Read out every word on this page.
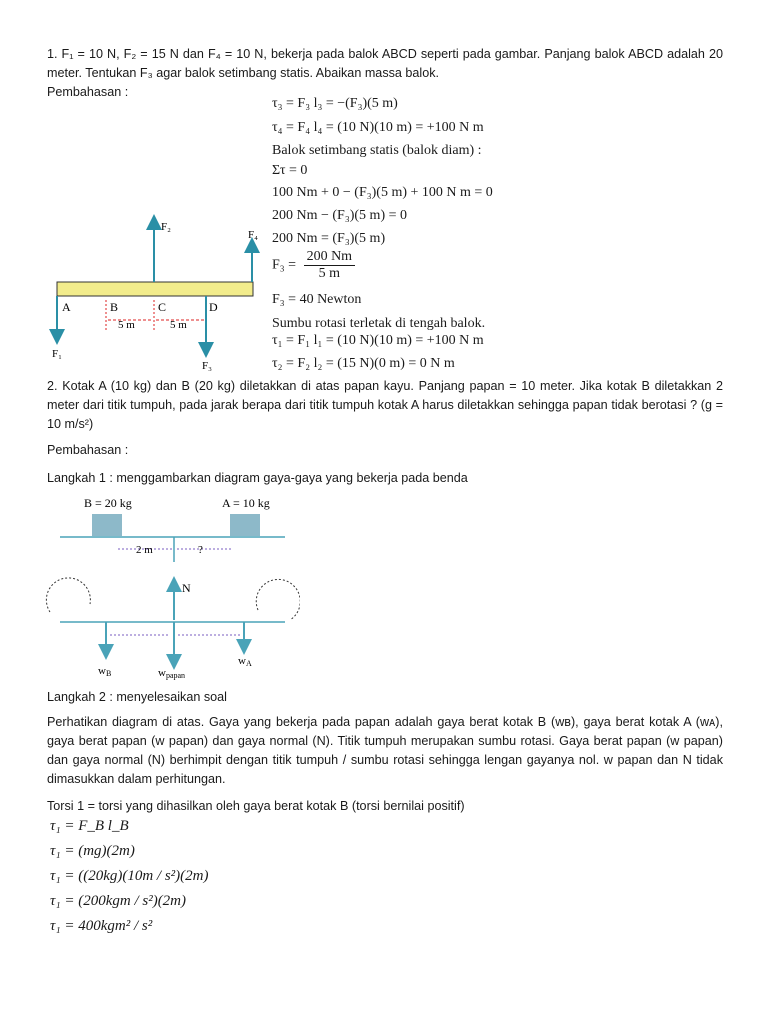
1. F₁ = 10 N, F₂ = 15 N dan F₄ = 10 N, bekerja pada balok ABCD seperti pada gambar. Panjang balok ABCD adalah 20 meter. Tentukan F₃ agar balok setimbang statis. Abaikan massa balok.

Pembahasan :

τ₃ = F₃ l₃ = −(F₃)(5 m)

τ₄ = F₄ l₄ = (10 N)(10 m) = +100 N m

Balok setimbang statis (balok diam) :

Στ = 0

100 Nm + 0 − (F₃)(5 m) + 100 N m = 0

200 Nm − (F₃)(5 m) = 0

200 Nm = (F₃)(5 m)

$F_3 = \frac{200 Nm}{5 m}$

F₃ = 40 Newton

Sumbu rotasi terletak di tengah balok.

τ₁ = F₁ l₁ = (10 N)(10 m) = +100 N m

τ₂ = F₂ l₂ = (15 N)(0 m) = 0 N m

F₂
F₄
F₁
F₃
A	B	C	D
5 m	5 m

2. Kotak A (10 kg) dan B (20 kg) diletakkan di atas papan kayu. Panjang papan = 10 meter. Jika kotak B diletakkan 2 meter dari titik tumpuh, pada jarak berapa dari titik tumpuh kotak A harus diletakkan sehingga papan tidak berotasi ? (g = 10 m/s²)

Pembahasan :

Langkah 1 : menggambarkan diagram gaya-gaya yang bekerja pada benda

B = 20 kg	A = 10 kg
2 m	?
N
wB	wpapan
wA

Langkah 2 : menyelesaikan soal

Perhatikan diagram di atas. Gaya yang bekerja pada papan adalah gaya berat kotak B (wʙ), gaya berat kotak A (wᴀ), gaya berat papan (w papan) dan gaya normal (N). Titik tumpuh merupakan sumbu rotasi. Gaya berat papan (w papan) dan gaya normal (N) berhimpit dengan titik tumpuh / sumbu rotasi sehingga lengan gayanya nol. w papan dan N tidak dimasukkan dalam perhitungan.

Torsi 1 = torsi yang dihasilkan oleh gaya berat kotak B (torsi bernilai positif)

τ₁ = F_B l_B

τ₁ = (mg)(2m)

τ₁ = ((20kg)(10m / s²)(2m)

τ₁ = (200kgm / s²)(2m)

τ₁ = 400kgm² / s²
